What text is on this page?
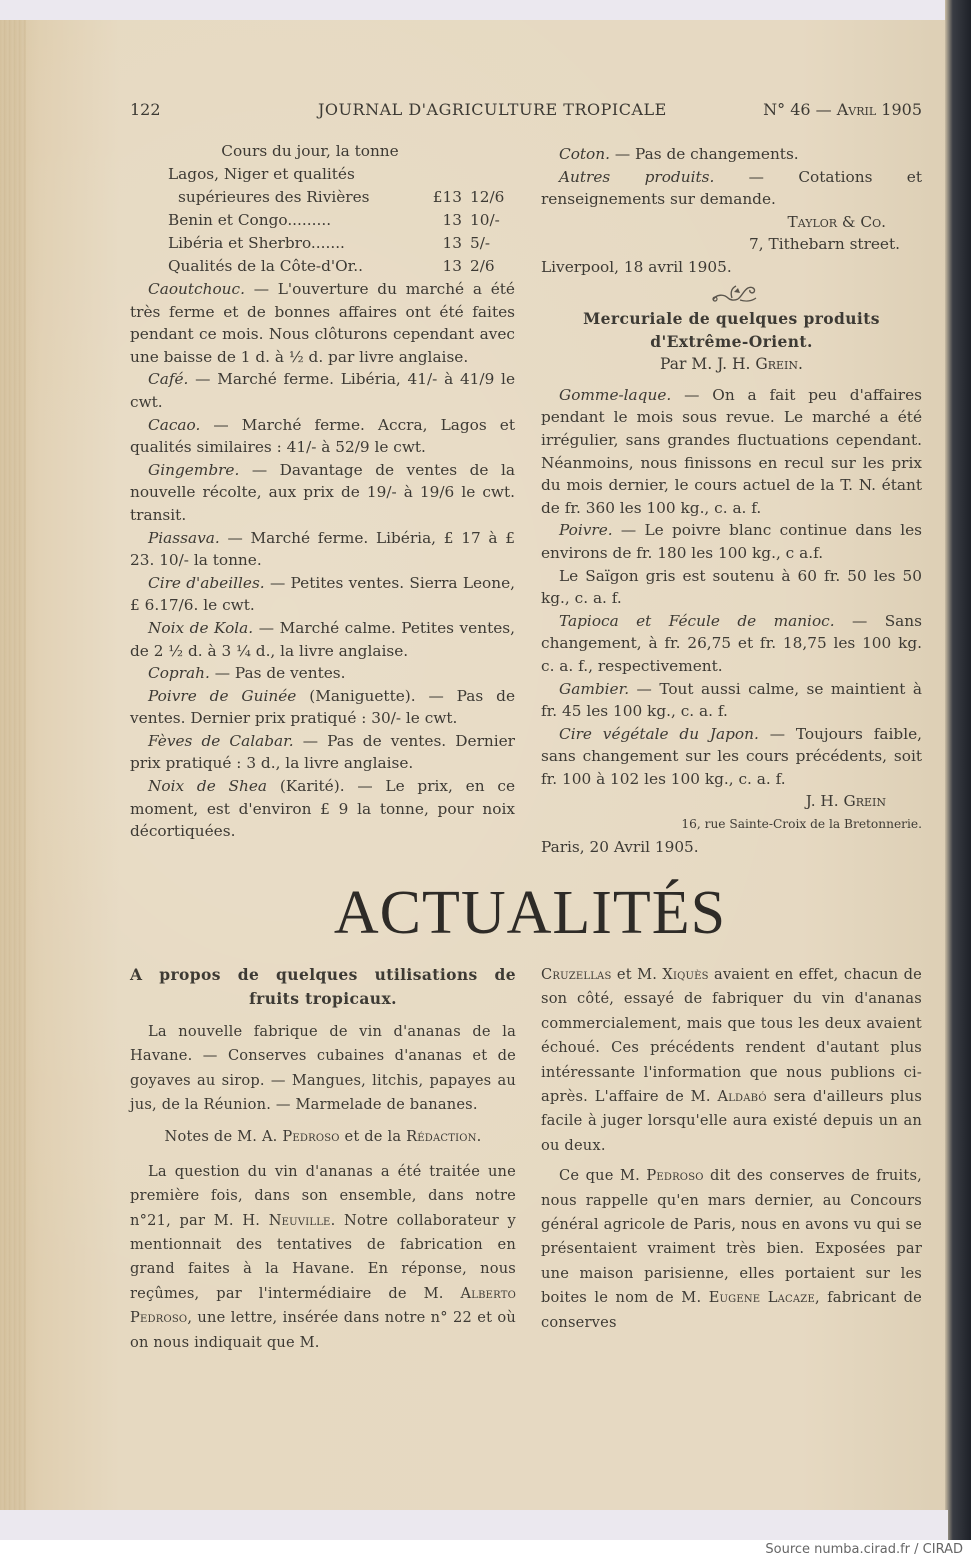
122	JOURNAL D'AGRICULTURE TROPICALE	N° 46 — Avril 1905
Cours du jour, la tonne
Lagos, Niger et qualités
supérieures des Rivières	£13 12/6
Benin et Congo.........	13 10/-
Libéria et Sherbro.......	13 5/-
Qualités de la Côte-d'Or..	13 2/6

Caoutchouc. — L'ouverture du marché a été très ferme et de bonnes affaires ont été faites pendant ce mois. Nous clôturons cependant avec une baisse de 1 d. à ½ d. par livre anglaise.

Café. — Marché ferme. Libéria, 41/- à 41/9 le cwt.

Cacao. — Marché ferme. Accra, Lagos et qualités similaires : 41/- à 52/9 le cwt.

Gingembre. — Davantage de ventes de la nouvelle récolte, aux prix de 19/- à 19/6 le cwt. transit.

Piassava. — Marché ferme. Libéria, £ 17 à £ 23. 10/- la tonne.

Cire d'abeilles. — Petites ventes. Sierra Leone, £ 6.17/6. le cwt.

Noix de Kola. — Marché calme. Petites ventes, de 2 ½ d. à 3 ¼ d., la livre anglaise.

Coprah. — Pas de ventes.

Poivre de Guinée (Maniguette). — Pas de ventes. Dernier prix pratiqué : 30/- le cwt.

Fèves de Calabar. — Pas de ventes. Dernier prix pratiqué : 3 d., la livre anglaise.

Noix de Shea (Karité). — Le prix, en ce moment, est d'environ £ 9 la tonne, pour noix décortiquées.

Coton. — Pas de changements.

Autres produits. — Cotations et renseignements sur demande.

Taylor & Co.
7, Tithebarn street.

Liverpool, 18 avril 1905.

Mercuriale de quelques produits
d'Extrême-Orient.
Par M. J. H. Grein.

Gomme-laque. — On a fait peu d'affaires pendant le mois sous revue. Le marché a été irrégulier, sans grandes fluctuations cependant. Néanmoins, nous finissons en recul sur les prix du mois dernier, le cours actuel de la T. N. étant de fr. 360 les 100 kg., c. a. f.

Poivre. — Le poivre blanc continue dans les environs de fr. 180 les 100 kg., c a.f.

Le Saïgon gris est soutenu à 60 fr. 50 les 50 kg., c. a. f.

Tapioca et Fécule de manioc. — Sans changement, à fr. 26,75 et fr. 18,75 les 100 kg. c. a. f., respectivement.

Gambier. — Tout aussi calme, se maintient à fr. 45 les 100 kg., c. a. f.

Cire végétale du Japon. — Toujours faible, sans changement sur les cours précédents, soit fr. 100 à 102 les 100 kg., c. a. f.

J. H. Grein
16, rue Sainte-Croix de la Bretonnerie.

Paris, 20 Avril 1905.

ACTUALITÉS
A propos de quelques utilisations de
fruits tropicaux.

La nouvelle fabrique de vin d'ananas de la Havane. — Conserves cubaines d'ananas et de goyaves au sirop. — Mangues, litchis, papayes au jus, de la Réunion. — Marmelade de bananes.

Notes de M. A. Pedroso et de la Rédaction.

La question du vin d'ananas a été traitée une première fois, dans son ensemble, dans notre n°21, par M. H. Neuville. Notre collaborateur y mentionnait des tentatives de fabrication en grand faites à la Havane. En réponse, nous reçûmes, par l'intermédiaire de M. Alberto Pedroso, une lettre, insérée dans notre n° 22 et où on nous indiquait que M.

Cruzellas et M. Xiquès avaient en effet, chacun de son côté, essayé de fabriquer du vin d'ananas commercialement, mais que tous les deux avaient échoué. Ces précédents rendent d'autant plus intéressante l'information que nous publions ci-après. L'affaire de M. Aldabó sera d'ailleurs plus facile à juger lorsqu'elle aura existé depuis un an ou deux.

Ce que M. Pedroso dit des conserves de fruits, nous rappelle qu'en mars dernier, au Concours général agricole de Paris, nous en avons vu qui se présentaient vraiment très bien. Exposées par une maison parisienne, elles portaient sur les boites le nom de M. Eugene Lacaze, fabricant de conserves

Source numba.cirad.fr / CIRAD
